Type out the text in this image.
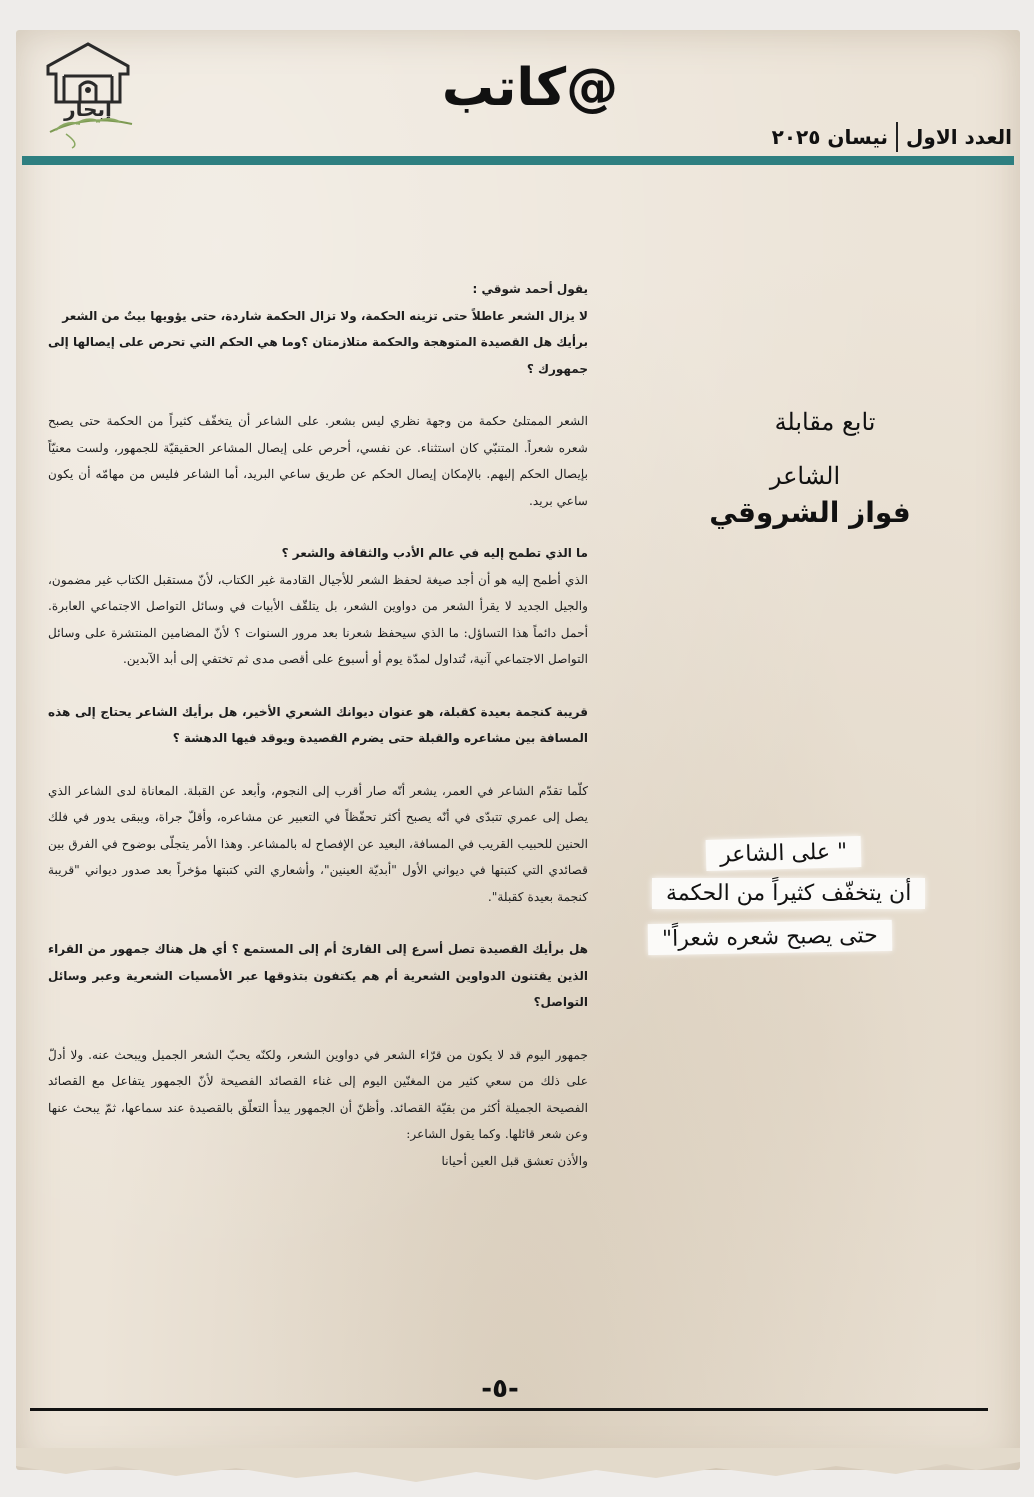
إبحار	@كاتب
العدد الاول
نيسان ٢٠٢٥
تابع مقابلة
الشاعر
فواز الشروقي
" على الشاعر
أن يتخفّف كثيراً من الحكمة
حتى يصبح شعره شعراً"

يقول أحمد شوقي :

لا يزال الشعر عاطلاً حتى تزينه الحكمة، ولا تزال الحكمة شاردة، حتى يؤويها بيتٌ من الشعر

برأيك هل القصيدة المتوهجة والحكمة متلازمتان ؟وما هي الحكم التي تحرص على إيصالها إلى جمهورك ؟

الشعر الممتلئ حكمة من وجهة نظري ليس بشعر. على الشاعر أن يتخفّف كثيراً من الحكمة حتى يصبح شعره شعراً. المتنبّي كان استثناء. عن نفسي، أحرص على إيصال المشاعر الحقيقيّة للجمهور، ولست معنيّاً بإيصال الحكم إليهم. بالإمكان إيصال الحكم عن طريق ساعي البريد، أما الشاعر فليس من مهامّه أن يكون ساعي بريد.

ما الذي تطمح إليه في عالم الأدب والثقافة والشعر ؟

الذي أطمح إليه هو أن أجد صيغة لحفظ الشعر للأجيال القادمة غير الكتاب، لأنّ مستقبل الكتاب غير مضمون، والجيل الجديد لا يقرأ الشعر من دواوين الشعر، بل يتلقّف الأبيات في وسائل التواصل الاجتماعي العابرة. أحمل دائماً هذا التساؤل: ما الذي سيحفظ شعرنا بعد مرور السنوات ؟ لأنّ المضامين المنتشرة على وسائل التواصل الاجتماعي آنية، تُتداول لمدّة يوم أو أسبوع على أقصى مدى ثم تختفي إلى أبد الآبدين.

قريبة كنجمة بعيدة كقبلة، هو عنوان ديوانك الشعري الأخير، هل برأيك الشاعر يحتاج إلى هذه المسافة بين مشاعره والقبلة حتى يضرم القصيدة ويوقد فيها الدهشة ؟

كلّما تقدّم الشاعر في العمر، يشعر أنّه صار أقرب إلى النجوم، وأبعد عن القبلة. المعاناة لدى الشاعر الذي يصل إلى عمري تتبدّى في أنّه يصبح أكثر تحفّظاً في التعبير عن مشاعره، وأقلّ جراة، ويبقى يدور في فلك الحنين للحبيب القريب في المسافة، البعيد عن الإفصاح له بالمشاعر. وهذا الأمر يتجلّى بوضوح في الفرق بين قصائدي التي كتبتها في ديواني الأول "أبديّة العينين"، وأشعاري التي كتبتها مؤخراً بعد صدور ديواني "قريبة كنجمة بعيدة كقبلة".

هل برأيك القصيدة تصل أسرع إلى القارئ أم إلى المستمع ؟ أي هل هناك جمهور من القراء الذين يقتنون الدواوين الشعرية أم هم يكتفون بتذوقها عبر الأمسيات الشعرية وعبر وسائل التواصل؟

جمهور اليوم قد لا يكون من قرّاء الشعر في دواوين الشعر، ولكنّه يحبّ الشعر الجميل ويبحث عنه. ولا أدلّ على ذلك من سعي كثير من المغنّين اليوم إلى غناء القصائد الفصيحة لأنّ الجمهور يتفاعل مع القصائد الفصيحة الجميلة أكثر من بقيّة القصائد. وأظنّ أن الجمهور يبدأ التعلّق بالقصيدة عند سماعها، ثمّ يبحث عنها وعن شعر قائلها. وكما يقول الشاعر:

والأذن تعشق قبل العين أحيانا

-٥-
